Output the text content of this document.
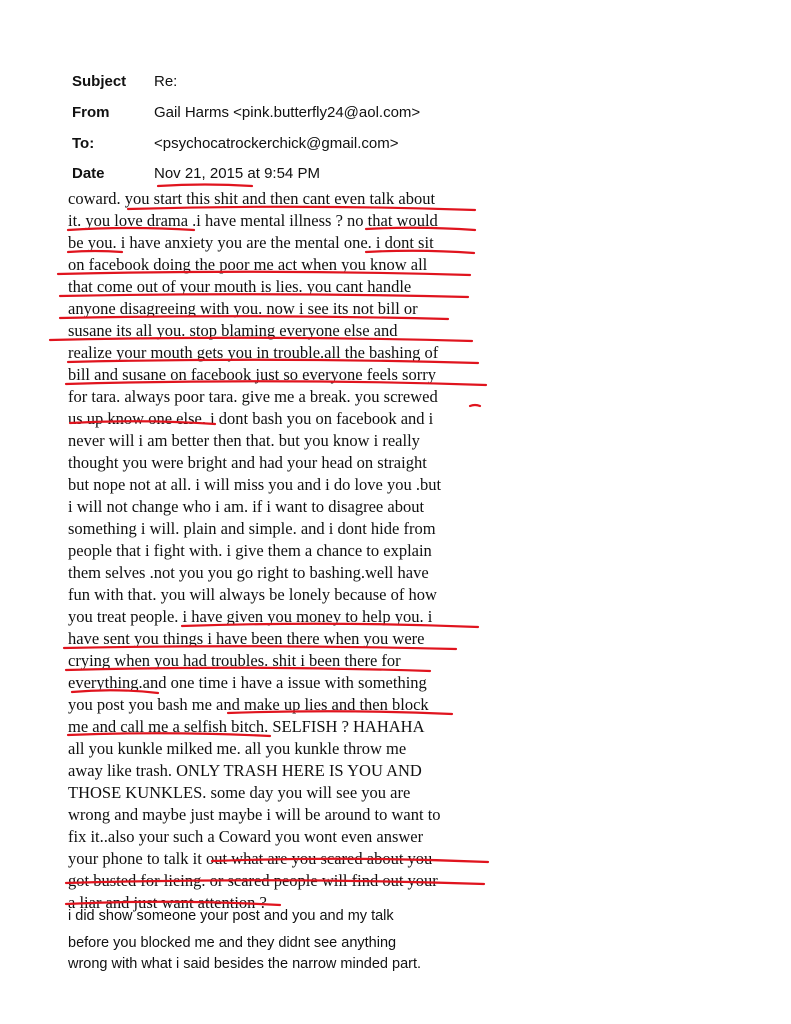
Subject Re:
From	Gail Harms <pink.butterfly24@aol.com>
To:	<psychocatrockerchick@gmail.com>
Date	Nov 21, 2015 at 9:54 PM
coward. you start this shit and then cant even talk about
it. you love drama .i have mental illness ? no that would
be you. i have anxiety you are the mental one. i dont sit
on facebook doing the poor me act when you know all
that come out of your mouth is lies. you cant handle
anyone disagreeing with you. now i see its not bill or
susane its all you. stop blaming everyone else and
realize your mouth gets you in trouble.all the bashing of
bill and susane on facebook just so everyone feels sorry
for tara. always poor tara. give me a break. you screwed
us up know one else. i dont bash you on facebook and i
never will i am better then that. but you know i really
thought you were bright and had your head on straight
but nope not at all. i will miss you and i do love you .but
i will not change who i am. if i want to disagree about
something i will. plain and simple. and i dont hide from
people that i fight with. i give them a chance to explain
them selves .not you you go right to bashing.well have
fun with that. you will always be lonely because of how
you treat people. i have given you money to help you. i
have sent you things i have been there when you were
crying when you had troubles. shit i been there for
everything.and one time i have a issue with something
you post you bash me and make up lies and then block
me and call me a selfish bitch. SELFISH ? HAHAHA
all you kunkle milked me. all you kunkle throw me
away like trash. ONLY TRASH HERE IS YOU AND
THOSE KUNKLES. some day you will see you are
wrong and maybe just maybe i will be around to want to
fix it..also your such a Coward you wont even answer
your phone to talk it out what are you scared about you
got busted for lieing. or scared people will find out your
a liar and just want attention ?
i did show someone your post and you and my talk
before you blocked me and they didnt see anything
wrong with what i said besides the narrow minded part.
